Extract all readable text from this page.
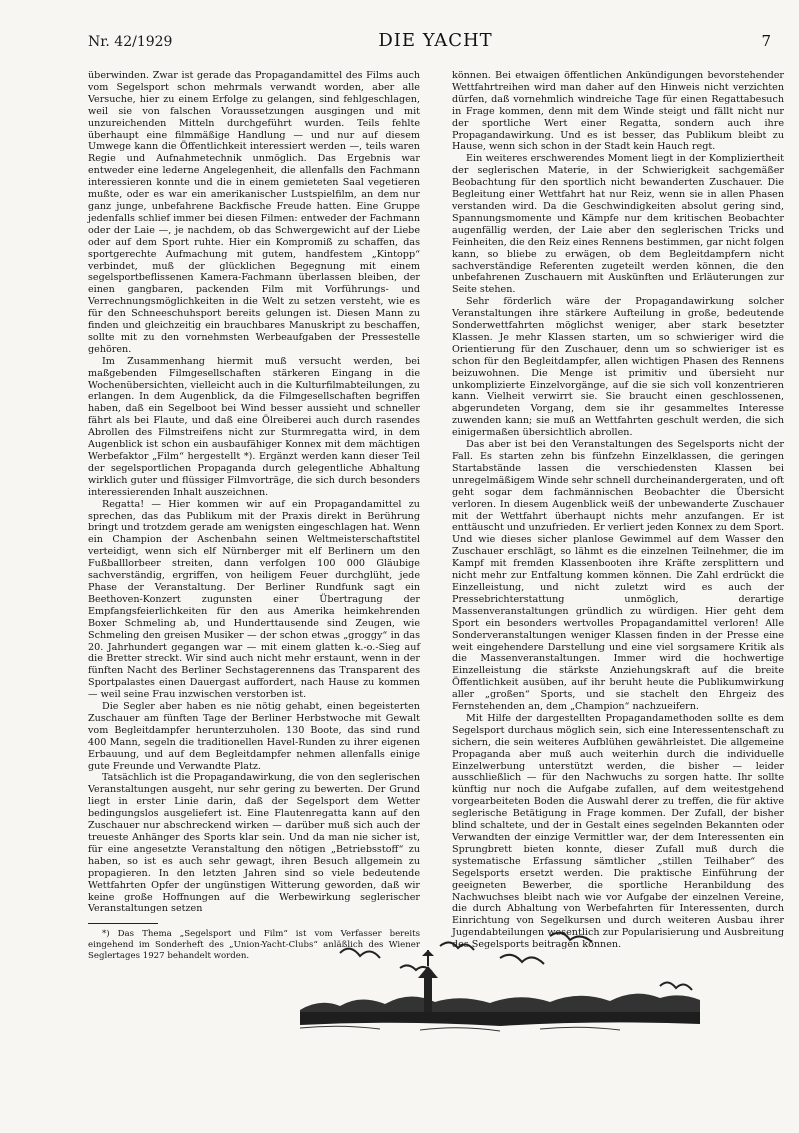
Nr. 42/1929	DIE YACHT	7

überwinden. Zwar ist gerade das Propagandamittel des Films auch vom Segelsport schon mehrmals verwandt worden, aber alle Versuche, hier zu einem Erfolge zu gelangen, sind fehlgeschlagen, weil sie von falschen Voraussetzungen ausgingen und mit unzureichenden Mitteln durchgeführt wurden. Teils fehlte überhaupt eine filmmäßige Handlung — und nur auf diesem Umwege kann die Öffentlichkeit interessiert werden —, teils waren Regie und Aufnahmetechnik unmöglich. Das Ergebnis war entweder eine lederne Angelegenheit, die allenfalls den Fachmann interessieren konnte und die in einem gemieteten Saal vegetieren mußte, oder es war ein amerikanischer Lustspielfilm, an dem nur ganz junge, unbefahrene Backfische Freude hatten. Eine Gruppe jedenfalls schlief immer bei diesen Filmen: entweder der Fachmann oder der Laie —, je nachdem, ob das Schwergewicht auf der Liebe oder auf dem Sport ruhte. Hier ein Kompromiß zu schaffen, das sportgerechte Aufmachung mit gutem, handfestem „Kintopp“ verbindet, muß der glücklichen Begegnung mit einem segelsportbeflissenen Kamera-Fachmann überlassen bleiben, der einen gangbaren, packenden Film mit Vorführungs- und Verrechnungsmöglichkeiten in die Welt zu setzen versteht, wie es für den Schneeschuhsport bereits gelungen ist. Diesen Mann zu finden und gleichzeitig ein brauchbares Manuskript zu beschaffen, sollte mit zu den vornehmsten Werbeaufgaben der Pressestelle gehören.

Im Zusammenhang hiermit muß versucht werden, bei maßgebenden Filmgesellschaften stärkeren Eingang in die Wochenübersichten, vielleicht auch in die Kulturfilmabteilungen, zu erlangen. In dem Augenblick, da die Filmgesellschaften begriffen haben, daß ein Segelboot bei Wind besser aussieht und schneller fährt als bei Flaute, und daß eine Ölreiberei auch durch rasendes Abrollen des Filmstreifens nicht zur Sturmregatta wird, in dem Augenblick ist schon ein ausbaufähiger Konnex mit dem mächtigen Werbefaktor „Film“ hergestellt *). Ergänzt werden kann dieser Teil der segelsportlichen Propaganda durch gelegentliche Abhaltung wirklich guter und flüssiger Filmvorträge, die sich durch besonders interessierenden Inhalt auszeichnen.

Regatta! — Hier kommen wir auf ein Propagandamittel zu sprechen, das das Publikum mit der Praxis direkt in Berührung bringt und trotzdem gerade am wenigsten eingeschlagen hat. Wenn ein Champion der Aschenbahn seinen Weltmeisterschaftstitel verteidigt, wenn sich elf Nürnberger mit elf Berlinern um den Fußballlorbeer streiten, dann verfolgen 100 000 Gläubige sachverständig, ergriffen, von heiligem Feuer durchglüht, jede Phase der Veranstaltung. Der Berliner Rundfunk sagt ein Beethoven-Konzert zugunsten einer Übertragung der Empfangsfeierlichkeiten für den aus Amerika heimkehrenden Boxer Schmeling ab, und Hunderttausende sind Zeugen, wie Schmeling den greisen Musiker — der schon etwas „groggy“ in das 20. Jahrhundert gegangen war — mit einem glatten k.-o.-Sieg auf die Bretter streckt. Wir sind auch nicht mehr erstaunt, wenn in der fünften Nacht des Berliner Sechstagerennens das Transparent des Sportpalastes einen Dauergast auffordert, nach Hause zu kommen — weil seine Frau inzwischen verstorben ist.

Die Segler aber haben es nie nötig gehabt, einen begeisterten Zuschauer am fünften Tage der Berliner Herbstwoche mit Gewalt vom Begleitdampfer herunterzuholen. 130 Boote, das sind rund 400 Mann, segeln die traditionellen Havel-Runden zu ihrer eigenen Erbauung, und auf dem Begleitdampfer nehmen allenfalls einige gute Freunde und Verwandte Platz.

Tatsächlich ist die Propagandawirkung, die von den seglerischen Veranstaltungen ausgeht, nur sehr gering zu bewerten. Der Grund liegt in erster Linie darin, daß der Segelsport dem Wetter bedingungslos ausgeliefert ist. Eine Flautenregatta kann auf den Zuschauer nur abschreckend wirken — darüber muß sich auch der treueste Anhänger des Sports klar sein. Und da man nie sicher ist, für eine angesetzte Veranstaltung den nötigen „Betriebsstoff“ zu haben, so ist es auch sehr gewagt, ihren Besuch allgemein zu propagieren. In den letzten Jahren sind so viele bedeutende Wettfahrten Opfer der ungünstigen Witterung geworden, daß wir keine große Hoffnungen auf die Werbewirkung seglerischer Veranstaltungen setzen

*) Das Thema „Segelsport und Film“ ist vom Verfasser bereits eingehend im Sonderheft des „Union-Yacht-Clubs“ anläßlich des Wiener Seglertages 1927 behandelt worden.

können. Bei etwaigen öffentlichen Ankündigungen bevorstehender Wettfahrtreihen wird man daher auf den Hinweis nicht verzichten dürfen, daß vornehmlich windreiche Tage für einen Regattabesuch in Frage kommen, denn mit dem Winde steigt und fällt nicht nur der sportliche Wert einer Regatta, sondern auch ihre Propagandawirkung. Und es ist besser, das Publikum bleibt zu Hause, wenn sich schon in der Stadt kein Hauch regt.

Ein weiteres erschwerendes Moment liegt in der Kompliziertheit der seglerischen Materie, in der Schwierigkeit sachgemäßer Beobachtung für den sportlich nicht bewanderten Zuschauer. Die Begleitung einer Wettfahrt hat nur Reiz, wenn sie in allen Phasen verstanden wird. Da die Geschwindigkeiten absolut gering sind, Spannungsmomente und Kämpfe nur dem kritischen Beobachter augenfällig werden, der Laie aber den seglerischen Tricks und Feinheiten, die den Reiz eines Rennens bestimmen, gar nicht folgen kann, so bliebe zu erwägen, ob dem Begleitdampfern nicht sachverständige Referenten zugeteilt werden können, die den unbefahrenen Zuschauern mit Auskünften und Erläuterungen zur Seite stehen.

Sehr förderlich wäre der Propagandawirkung solcher Veranstaltungen ihre stärkere Aufteilung in große, bedeutende Sonderwettfahrten möglichst weniger, aber stark besetzter Klassen. Je mehr Klassen starten, um so schwieriger wird die Orientierung für den Zuschauer, denn um so schwieriger ist es schon für den Begleitdampfer, allen wichtigen Phasen des Rennens beizuwohnen. Die Menge ist primitiv und übersieht nur unkomplizierte Einzelvorgänge, auf die sie sich voll konzentrieren kann. Vielheit verwirrt sie. Sie braucht einen geschlossenen, abgerundeten Vorgang, dem sie ihr gesammeltes Interesse zuwenden kann; sie muß an Wettfahrten geschult werden, die sich einigermaßen übersichtlich abrollen.

Das aber ist bei den Veranstaltungen des Segelsports nicht der Fall. Es starten zehn bis fünfzehn Einzelklassen, die geringen Startabstände lassen die verschiedensten Klassen bei unregelmäßigem Winde sehr schnell durcheinandergeraten, und oft geht sogar dem fachmännischen Beobachter die Übersicht verloren. In diesem Augenblick weiß der unbewanderte Zuschauer mit der Wettfahrt überhaupt nichts mehr anzufangen. Er ist enttäuscht und unzufrieden. Er verliert jeden Konnex zu dem Sport. Und wie dieses sicher planlose Gewimmel auf dem Wasser den Zuschauer erschlägt, so lähmt es die einzelnen Teilnehmer, die im Kampf mit fremden Klassenbooten ihre Kräfte zersplittern und nicht mehr zur Entfaltung kommen können. Die Zahl erdrückt die Einzelleistung, und nicht zuletzt wird es auch der Pressebrichterstattung unmöglich, derartige Massenveranstaltungen gründlich zu würdigen. Hier geht dem Sport ein besonders wertvolles Propagandamittel verloren! Alle Sonderveranstaltungen weniger Klassen finden in der Presse eine weit eingehendere Darstellung und eine viel sorgsamere Kritik als die Massenveranstaltungen. Immer wird die hochwertige Einzelleistung die stärkste Anziehungskraft auf die breite Öffentlichkeit ausüben, auf ihr beruht heute die Publikumwirkung aller „großen“ Sports, und sie stachelt den Ehrgeiz des Fernstehenden an, dem „Champion“ nachzueifern.

Mit Hilfe der dargestellten Propagandamethoden sollte es dem Segelsport durchaus möglich sein, sich eine Interessentenschaft zu sichern, die sein weiteres Aufblühen gewährleistet. Die allgemeine Propaganda aber muß auch weiterhin durch die individuelle Einzelwerbung unterstützt werden, die bisher — leider ausschließlich — für den Nachwuchs zu sorgen hatte. Ihr sollte künftig nur noch die Aufgabe zufallen, auf dem weitestgehend vorgearbeiteten Boden die Auswahl derer zu treffen, die für aktive seglerische Betätigung in Frage kommen. Der Zufall, der bisher blind schaltete, und der in Gestalt eines segelnden Bekannten oder Verwandten der einzige Vermittler war, der dem Interessenten ein Sprungbrett bieten konnte, dieser Zufall muß durch die systematische Erfassung sämtlicher „stillen Teilhaber“ des Segelsports ersetzt werden. Die praktische Einführung der geeigneten Bewerber, die sportliche Heranbildung des Nachwuchses bleibt nach wie vor Aufgabe der einzelnen Vereine, die durch Abhaltung von Werbefahrten für Interessenten, durch Einrichtung von Segelkursen und durch weiteren Ausbau ihrer Jugendabteilungen wesentlich zur Popularisierung und Ausbreitung des Segelsports beitragen können.
